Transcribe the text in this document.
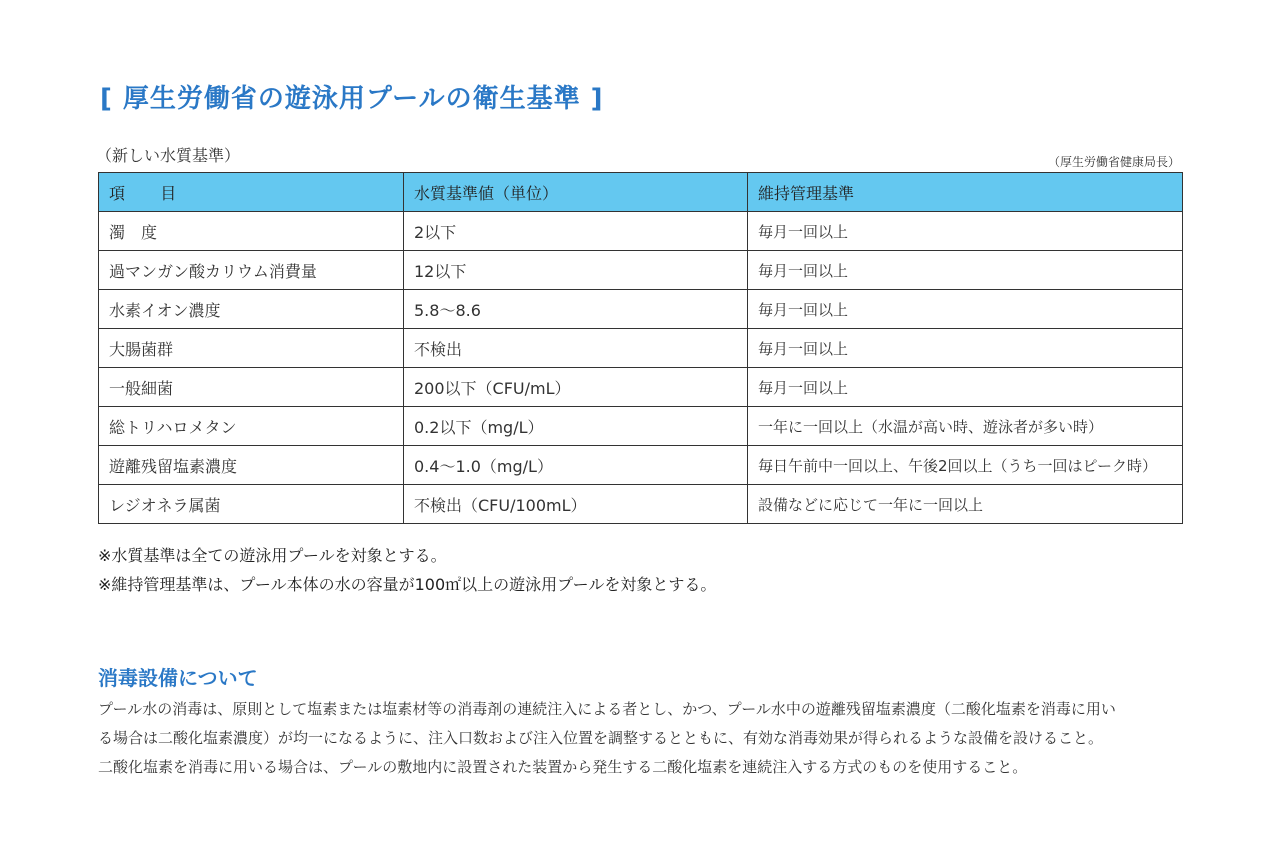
[ 厚生労働省の遊泳用プールの衛生基準 ]
（新しい水質基準）	（厚生労働省健康局長）
項　目	水質基準値（単位）	維持管理基準
濁　度	2以下	毎月一回以上
過マンガン酸カリウム消費量	12以下	毎月一回以上
水素イオン濃度	5.8～8.6	毎月一回以上
大腸菌群	不検出	毎月一回以上
一般細菌	200以下（CFU/mL）	毎月一回以上
総トリハロメタン	0.2以下（mg/L）	一年に一回以上（水温が高い時、遊泳者が多い時）
遊離残留塩素濃度	0.4～1.0（mg/L）	毎日午前中一回以上、午後2回以上（うち一回はピーク時）
レジオネラ属菌	不検出（CFU/100mL）	設備などに応じて一年に一回以上
※水質基準は全ての遊泳用プールを対象とする。
※維持管理基準は、プール本体の水の容量が100㎡以上の遊泳用プールを対象とする。
消毒設備について
プール水の消毒は、原則として塩素または塩素材等の消毒剤の連続注入による者とし、かつ、プール水中の遊離残留塩素濃度（二酸化塩素を消毒に用い
る場合は二酸化塩素濃度）が均一になるように、注入口数および注入位置を調整するとともに、有効な消毒効果が得られるような設備を設けること。
二酸化塩素を消毒に用いる場合は、プールの敷地内に設置された装置から発生する二酸化塩素を連続注入する方式のものを使用すること。
